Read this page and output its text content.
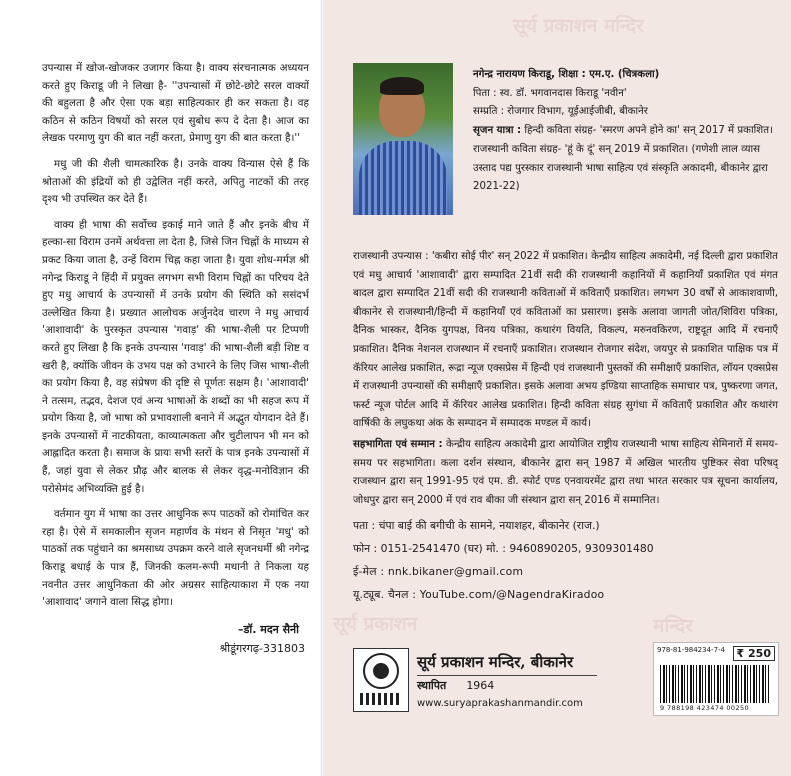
उपन्यास में खोज-खोजकर उजागर किया है। वाक्य संरचनात्मक अध्ययन करते हुए किराडू जी ने लिखा है- ''उपन्यासों में छोटे-छोटे सरल वाक्यों की बहुलता है और ऐसा एक बड़ा साहित्यकार ही कर सकता है। वह कठिन से कठिन विषयों को सरल एवं सुबोध रूप दे देता है। आज का लेखक परमाणु युग की बात नहीं करता, प्रेमाणु युग की बात करता है।''

मधु जी की शैली चामत्कारिक है। उनके वाक्य विन्यास ऐसे हैं कि श्रोताओं की इंद्रियों को ही उद्वेलित नहीं करते, अपितु नाटकों की तरह दृश्य भी उपस्थित कर देते हैं।

वाक्य ही भाषा की सर्वोच्च इकाई माने जाते हैं और इनके बीच में हल्का-सा विराम उनमें अर्थवत्ता ला देता है, जिसे जिन चिह्नों के माध्यम से प्रकट किया जाता है, उन्हें विराम चिह्न कहा जाता है। युवा शोध-मर्मज्ञ श्री नगेन्द्र किराडू ने हिंदी में प्रयुक्त लगभग सभी विराम चिह्नों का परिचय देते हुए मधु आचार्य के उपन्यासों में उनके प्रयोग की स्थिति को ससंदर्भ उल्लेखित किया है। प्रख्यात आलोचक अर्जुनदेव चारण ने मधु आचार्य 'आशावादी' के पुरस्कृत उपन्यास 'गवाड़' की भाषा-शैली पर टिप्पणी करते हुए लिखा है कि इनके उपन्यास 'गवाड़' की भाषा-शैली बड़ी शिष्ट व खरी है, क्योंकि जीवन के उभय पक्ष को उभारने के लिए जिस भाषा-शैली का प्रयोग किया है, वह संप्रेषण की दृष्टि से पूर्णतः सक्षम है। 'आशावादी' ने तत्सम, तद्भव, देशज एवं अन्य भाषाओं के शब्दों का भी सहज रूप में प्रयोग किया है, जो भाषा को प्रभावशाली बनाने में अद्भुत योगदान देते हैं। इनके उपन्यासों में नाटकीयता, काव्यात्मकता और चुटीलापन भी मन को आह्लादित करता है। समाज के प्रायः सभी स्तरों के पात्र इनके उपन्यासों में हैं, जहां युवा से लेकर प्रौढ़ और बालक से लेकर वृद्ध-मनोविज्ञान की परोसेमंद अभिव्यक्ति हुई है।

वर्तमान युग में भाषा का उत्तर आधुनिक रूप पाठकों को रोमांचित कर रहा है। ऐसे में समकालीन सृजन महार्णव के मंथन से निसृत 'मधु' को पाठकों तक पहुंचाने का श्रमसाध्य उपक्रम करने वाले सृजनधर्मी श्री नगेन्द्र किराडू बधाई के पात्र हैं, जिनकी कलम-रूपी मथानी ते निकला यह नवनीत उत्तर आधुनिकता की ओर अग्रसर साहित्याकाश में एक नया 'आशावाद' जगाने वाला सिद्ध होगा।

–डॉ. मदन सैनी
श्रीडूंगरगढ़-331803
सूर्य प्रकाशन मन्दिर
सूर्य प्रकाशन	मन्दिर
नगेन्द्र नारायण किराडू, शिक्षा : एम.ए. (चित्रकला)
पिता : स्व. डॉ. भगवानदास किराडू 'नवीन'
सम्प्रति : रोजगार विभाग, यूईआईजीबी, बीकानेर
सृजन यात्रा : हिन्दी कविता संग्रह- 'स्मरण अपने होने का' सन् 2017 में प्रकाशित। राजस्थानी कविता संग्रह- 'हूं के दूं' सन् 2019 में प्रकाशित। (गणेशी लाल व्यास उस्ताद पद्य पुरस्कार राजस्थानी भाषा साहित्य एवं संस्कृति अकादमी, बीकानेर द्वारा 2021-22)

राजस्थानी उपन्यास : 'कबीरा सोई पीर' सन् 2022 में प्रकाशित। केन्द्रीय साहित्य अकादेमी, नई दिल्ली द्वारा प्रकाशित एवं मधु आचार्य 'आशावादी' द्वारा सम्पादित 21वीं सदी की राजस्थानी कहानियों में कहानियाँ प्रकाशित एवं मंगत बादल द्वारा सम्पादित 21वीं सदी की राजस्थानी कविताओं में कविताएँ प्रकाशित। लगभग 30 वर्षों से आकाशवाणी, बीकानेर से राजस्थानी/हिन्दी में कहानियाँ एवं कविताओं का प्रसारण। इसके अलावा जागती जोत/शिविरा पत्रिका, दैनिक भास्कर, दैनिक युगपक्ष, विनय पत्रिका, कथारंग वियति, विकल्प, मरुनवकिरण, राष्ट्रदूत आदि में रचनाएँ प्रकाशित। दैनिक नेशनल राजस्थान में रचनाएँ प्रकाशित। राजस्थान रोजगार संदेश, जयपुर से प्रकाशित पाक्षिक पत्र में कॅरियर आलेख प्रकाशित, रूद्रा न्यूज एक्सप्रेस में हिन्दी एवं राजस्थानी पुस्तकों की समीक्षाएँ प्रकाशित, लॉयन एक्सप्रेस में राजस्थानी उपन्यासों की समीक्षाएँ प्रकाशित। इसके अलावा अभय इण्डिया साप्ताहिक समाचार पत्र, पुष्करणा जगत, फर्स्ट न्यूज पोर्टल आदि में कॅरियर आलेख प्रकाशित। हिन्दी कविता संग्रह सुगंधा में कविताएँ प्रकाशित और कथारंग वार्षिकी के लघुकथा अंक के सम्पादन में सम्पादक मण्डल में कार्य।

सहभागिता एवं सम्मान : केन्द्रीय साहित्य अकादेमी द्वारा आयोजित राष्ट्रीय राजस्थानी भाषा साहित्य सेमिनारों में समय-समय पर सहभागिता। कला दर्शन संस्थान, बीकानेर द्वारा सन् 1987 में अखिल भारतीय पुष्टिकर सेवा परिषद् राजस्थान द्वारा सन् 1991-95 एवं एम. डी. स्पोर्ट एण्ड एनवायरमेंट द्वारा तथा भारत सरकार पत्र सूचना कार्यालय, जोधपुर द्वारा सन् 2000 में एवं राव बीका जी संस्थान द्वारा सन् 2016 में सम्मानित।

पता : चंपा बाई की बगीची के सामने, नयाशहर, बीकानेर (राज.)
फोन : 0151-2541470 (घर) मो. : 9460890205, 9309301480
ई-मेल : nnk.bikaner@gmail.com
यू.ट्यूब. चैनल : YouTube.com/@NagendraKiradoo
सूर्य प्रकाशन मन्दिर, बीकानेर
स्थापित 1964
www.suryaprakashanmandir.com
978-81-984234-7-4	₹ 250
9 788198 423474 00250
